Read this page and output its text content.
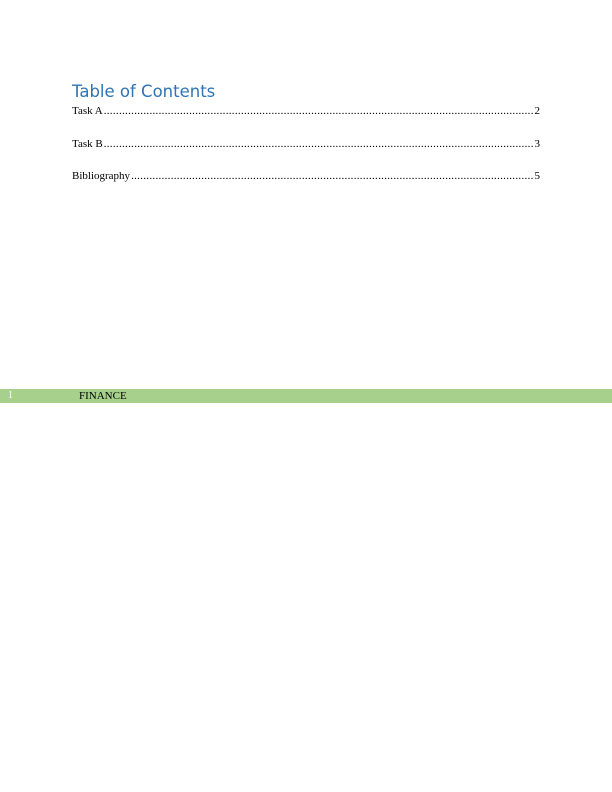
Table of Contents
Task A .....	2
Task B .....	3
Bibliography .....	5
1	FINANCE
